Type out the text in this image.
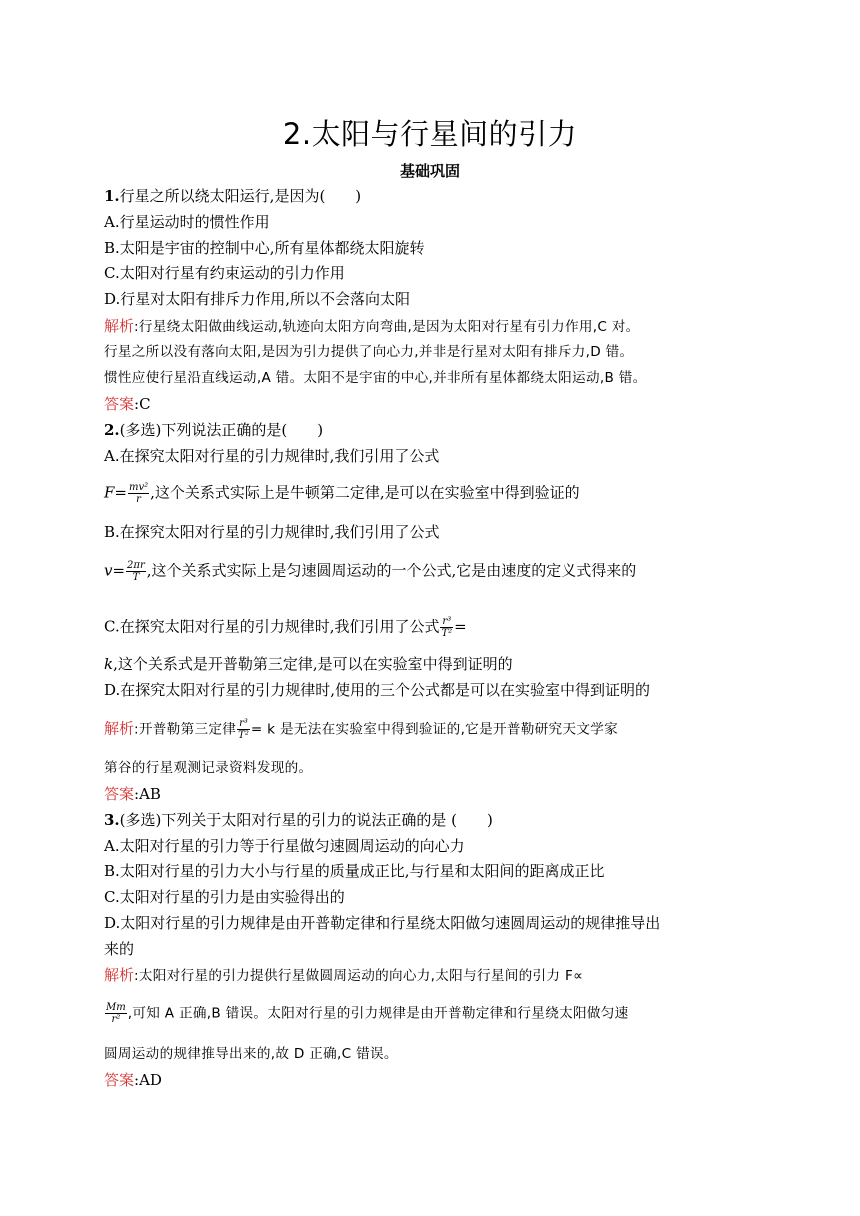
2.太阳与行星间的引力
基础巩固
1.行星之所以绕太阳运行,是因为(　　)
A.行星运动时的惯性作用
B.太阳是宇宙的控制中心,所有星体都绕太阳旋转
C.太阳对行星有约束运动的引力作用
D.行星对太阳有排斥力作用,所以不会落向太阳
解析:行星绕太阳做曲线运动,轨迹向太阳方向弯曲,是因为太阳对行星有引力作用,C 对。
行星之所以没有落向太阳,是因为引力提供了向心力,并非是行星对太阳有排斥力,D 错。
惯性应使行星沿直线运动,A 错。太阳不是宇宙的中心,并非所有星体都绕太阳运动,B 错。
答案:C
2.(多选)下列说法正确的是(　　)
A.在探究太阳对行星的引力规律时,我们引用了公式
$F= \frac{\text{mv²}}{r}$ ,这个关系式实际上是牛顿第二定律,是可以在实验室中得到验证的
B.在探究太阳对行星的引力规律时,我们引用了公式
$v= \frac{2\pi r}{T}$ ,这个关系式实际上是匀速圆周运动的一个公式,它是由速度的定义式得来的
C.在探究太阳对行星的引力规律时,我们引用了公式 $\frac{\text{r³}}{\text{T²}}$ =
k,这个关系式是开普勒第三定律,是可以在实验室中得到证明的
D.在探究太阳对行星的引力规律时,使用的三个公式都是可以在实验室中得到证明的
解析:开普勒第三定律 $\frac{\text{r³}}{\text{T²}} = k$ 是无法在实验室中得到验证的,它是开普勒研究天文学家
第谷的行星观测记录资料发现的。
答案:AB
3.(多选)下列关于太阳对行星的引力的说法正确的是 (　　)
A.太阳对行星的引力等于行星做匀速圆周运动的向心力
B.太阳对行星的引力大小与行星的质量成正比,与行星和太阳间的距离成正比
C.太阳对行星的引力是由实验得出的
D.太阳对行星的引力规律是由开普勒定律和行星绕太阳做匀速圆周运动的规律推导出
来的
解析:太阳对行星的引力提供行星做圆周运动的向心力,太阳与行星间的引力 F∝
$\frac{Mm}{\text{r²}}$ ,可知 A 正确,B 错误。太阳对行星的引力规律是由开普勒定律和行星绕太阳做匀速
圆周运动的规律推导出来的,故 D 正确,C 错误。
答案:AD
